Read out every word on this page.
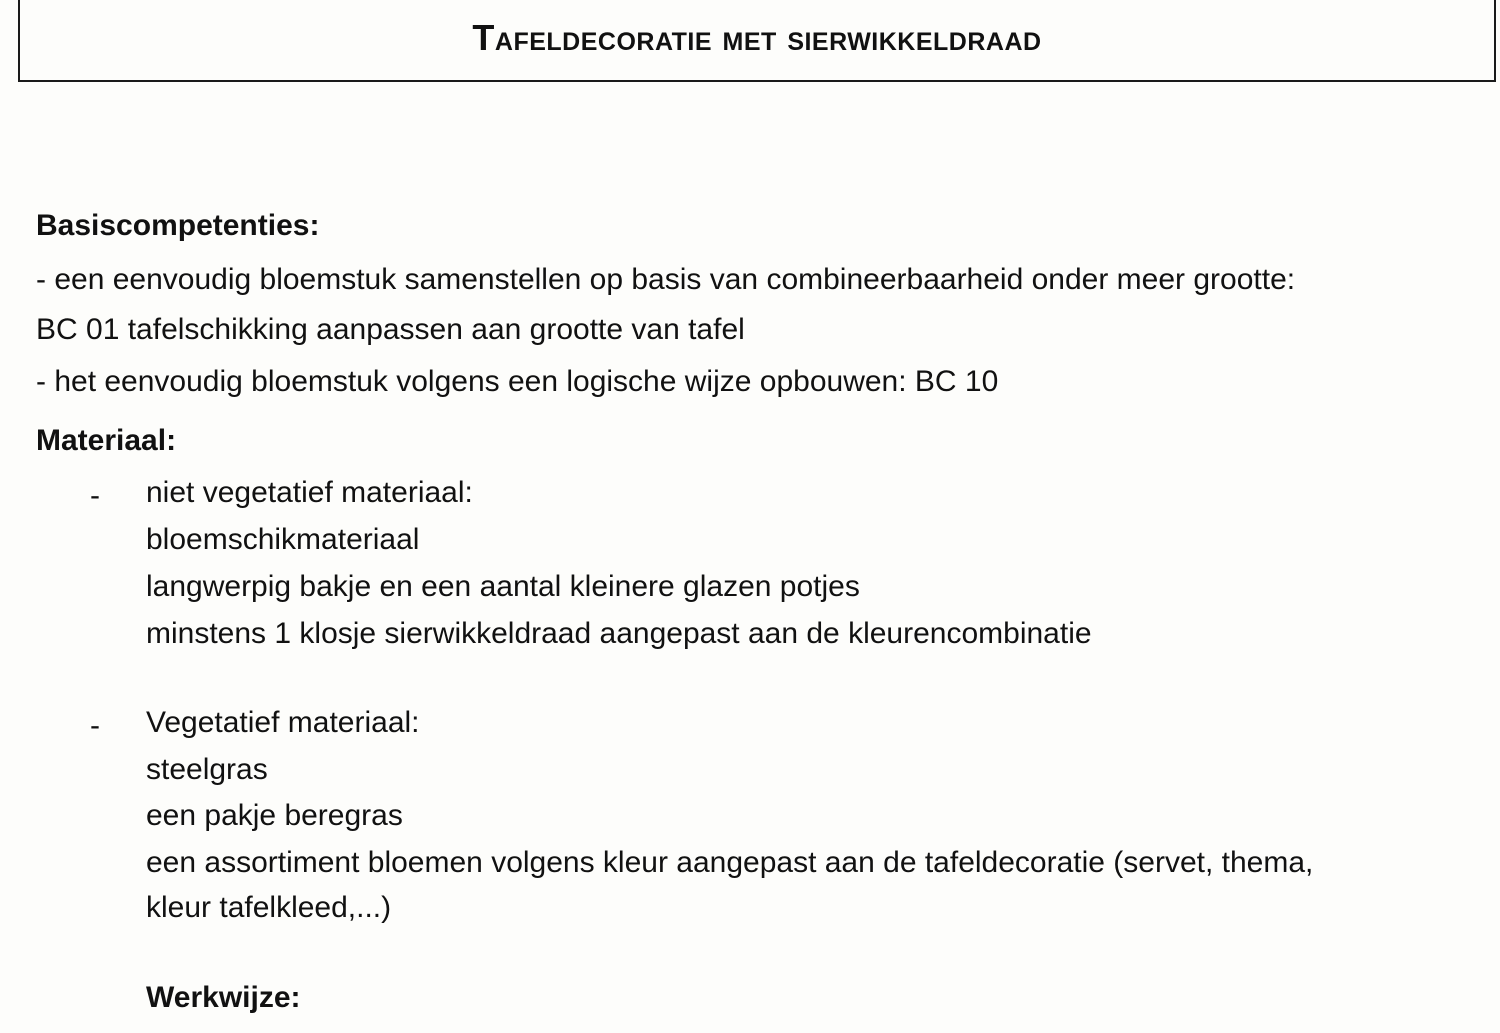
Tafeldecoratie met sierwikkeldraad
Basiscompetenties:
- een eenvoudig bloemstuk samenstellen op basis van combineerbaarheid onder meer grootte:
BC 01 tafelschikking aanpassen aan grootte van tafel
- het eenvoudig bloemstuk volgens een logische wijze opbouwen: BC 10
Materiaal:
- niet vegetatief materiaal:
bloemschikmateriaal
langwerpig bakje en een aantal kleinere glazen potjes
minstens 1 klosje sierwikkeldraad aangepast aan de kleurencombinatie
- Vegetatief materiaal:
steelgras
een pakje beregras
een assortiment bloemen volgens kleur aangepast aan de tafeldecoratie (servet, thema,
kleur tafelkleed,...)
Werkwijze:
